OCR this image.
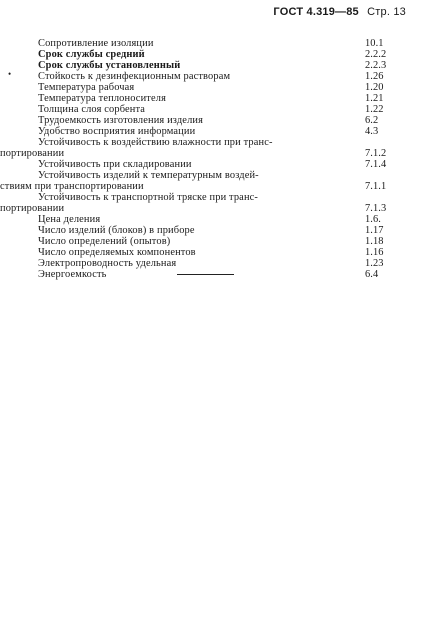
ГОСТ 4.319—85 Стр. 13
•
Сопротивление изоляции	10.1
Срок службы средний	2.2.2
Срок службы установленный	2.2.3
Стойкость к дезинфекционным растворам	1.26
Температура рабочая	1.20
Температура теплоносителя	1.21
Толщина слоя сорбента	1.22
Трудоемкость изготовления изделия	6.2
Удобство восприятия информации	4.3
Устойчивость к воздействию влажности при транс-
портировании	7.1.2
Устойчивость при складировании	7.1.4
Устойчивость изделий к температурным воздей-
ствиям при транспортировании	7.1.1
Устойчивость к транспортной тряске при транс-
портировании	7.1.3
Цена деления	1.6.
Число изделий (блоков) в приборе	1.17
Число определений (опытов)	1.18
Число определяемых компонентов	1.16
Электропроводность удельная	1.23
Энергоемкость	6.4
